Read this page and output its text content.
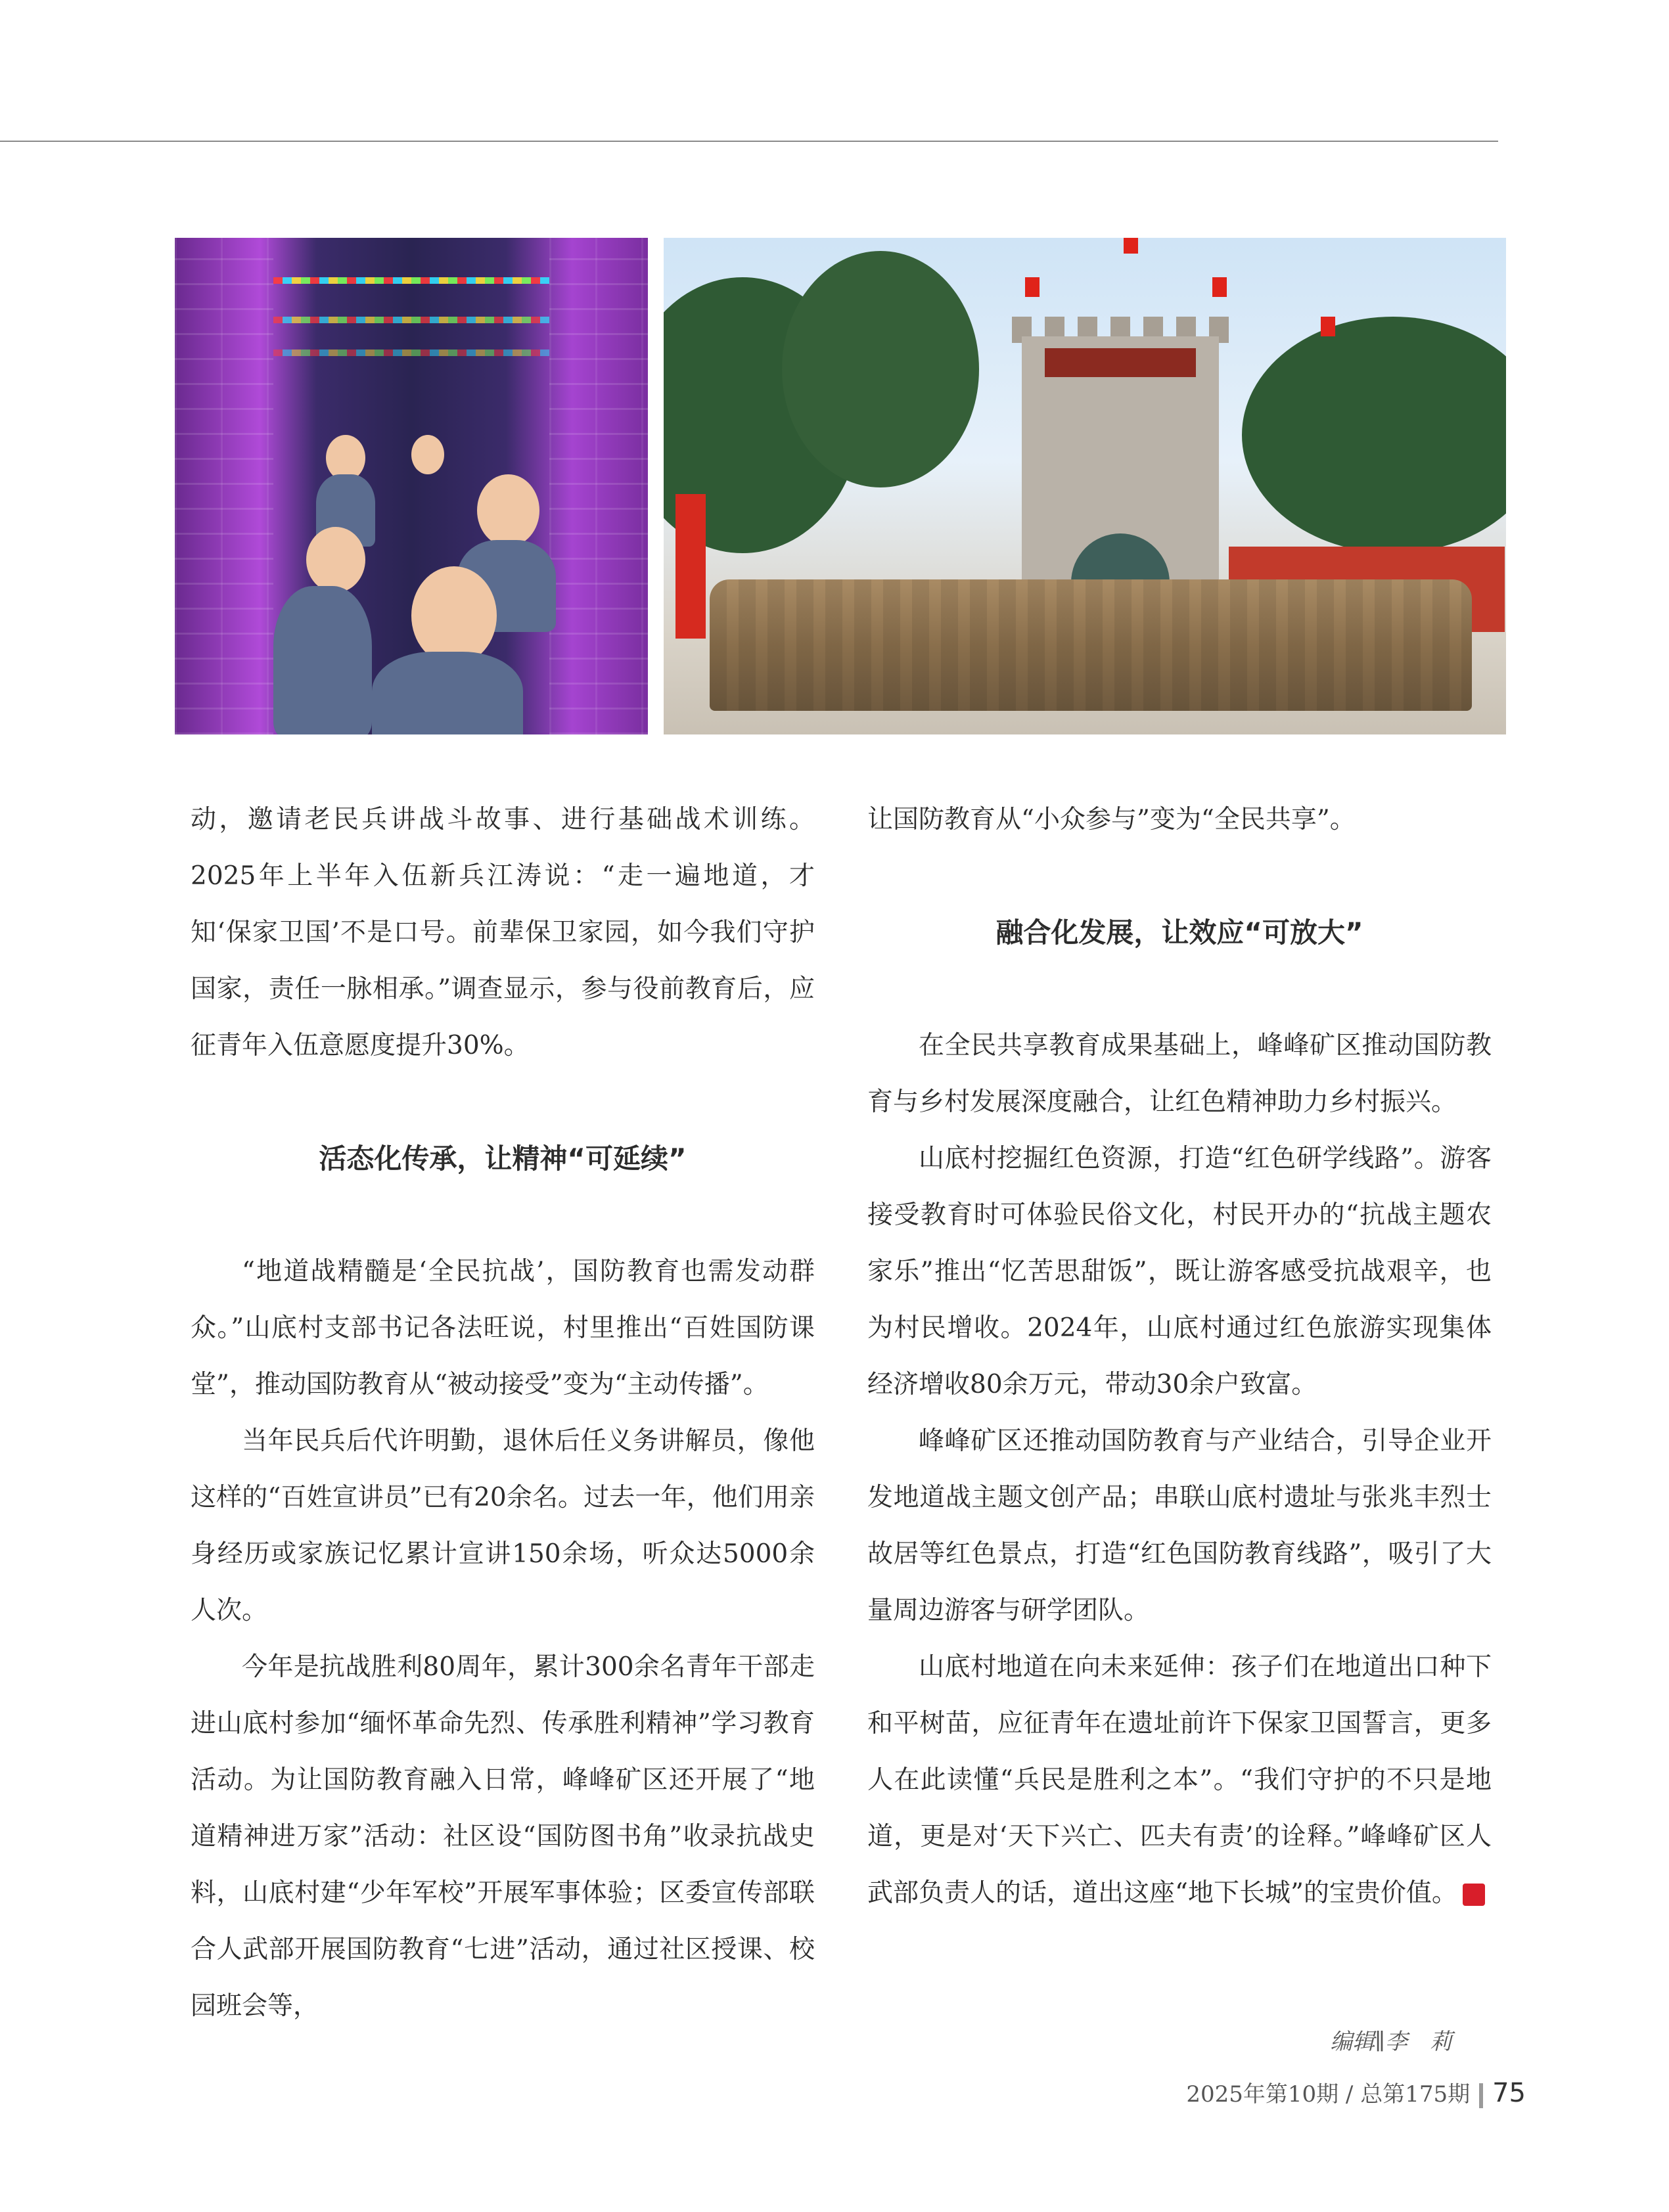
动，邀请老民兵讲战斗故事、进行基础战术训练。2025年上半年入伍新兵江涛说：“走一遍地道，才知‘保家卫国’不是口号。前辈保卫家园，如今我们守护国家，责任一脉相承。”调查显示，参与役前教育后，应征青年入伍意愿度提升30%。

活态化传承，让精神“可延续”

“地道战精髓是‘全民抗战’，国防教育也需发动群众。”山底村支部书记各法旺说，村里推出“百姓国防课堂”，推动国防教育从“被动接受”变为“主动传播”。

当年民兵后代许明勤，退休后任义务讲解员，像他这样的“百姓宣讲员”已有20余名。过去一年，他们用亲身经历或家族记忆累计宣讲150余场，听众达5000余人次。

今年是抗战胜利80周年，累计300余名青年干部走进山底村参加“缅怀革命先烈、传承胜利精神”学习教育活动。为让国防教育融入日常，峰峰矿区还开展了“地道精神进万家”活动：社区设“国防图书角”收录抗战史料，山底村建“少年军校”开展军事体验；区委宣传部联合人武部开展国防教育“七进”活动，通过社区授课、校园班会等，

让国防教育从“小众参与”变为“全民共享”。

融合化发展，让效应“可放大”

在全民共享教育成果基础上，峰峰矿区推动国防教育与乡村发展深度融合，让红色精神助力乡村振兴。

山底村挖掘红色资源，打造“红色研学线路”。游客接受教育时可体验民俗文化，村民开办的“抗战主题农家乐”推出“忆苦思甜饭”，既让游客感受抗战艰辛，也为村民增收。2024年，山底村通过红色旅游实现集体经济增收80余万元，带动30余户致富。

峰峰矿区还推动国防教育与产业结合，引导企业开发地道战主题文创产品；串联山底村遗址与张兆丰烈士故居等红色景点，打造“红色国防教育线路”，吸引了大量周边游客与研学团队。

山底村地道在向未来延伸：孩子们在地道出口种下和平树苗，应征青年在遗址前许下保家卫国誓言，更多人在此读懂“兵民是胜利之本”。“我们守护的不只是地道，更是对‘天下兴亡、匹夫有责’的诠释。”峰峰矿区人武部负责人的话，道出这座“地下长城”的宝贵价值。	G

编辑∥李　莉
2025年第10期 / 总第175期 75
